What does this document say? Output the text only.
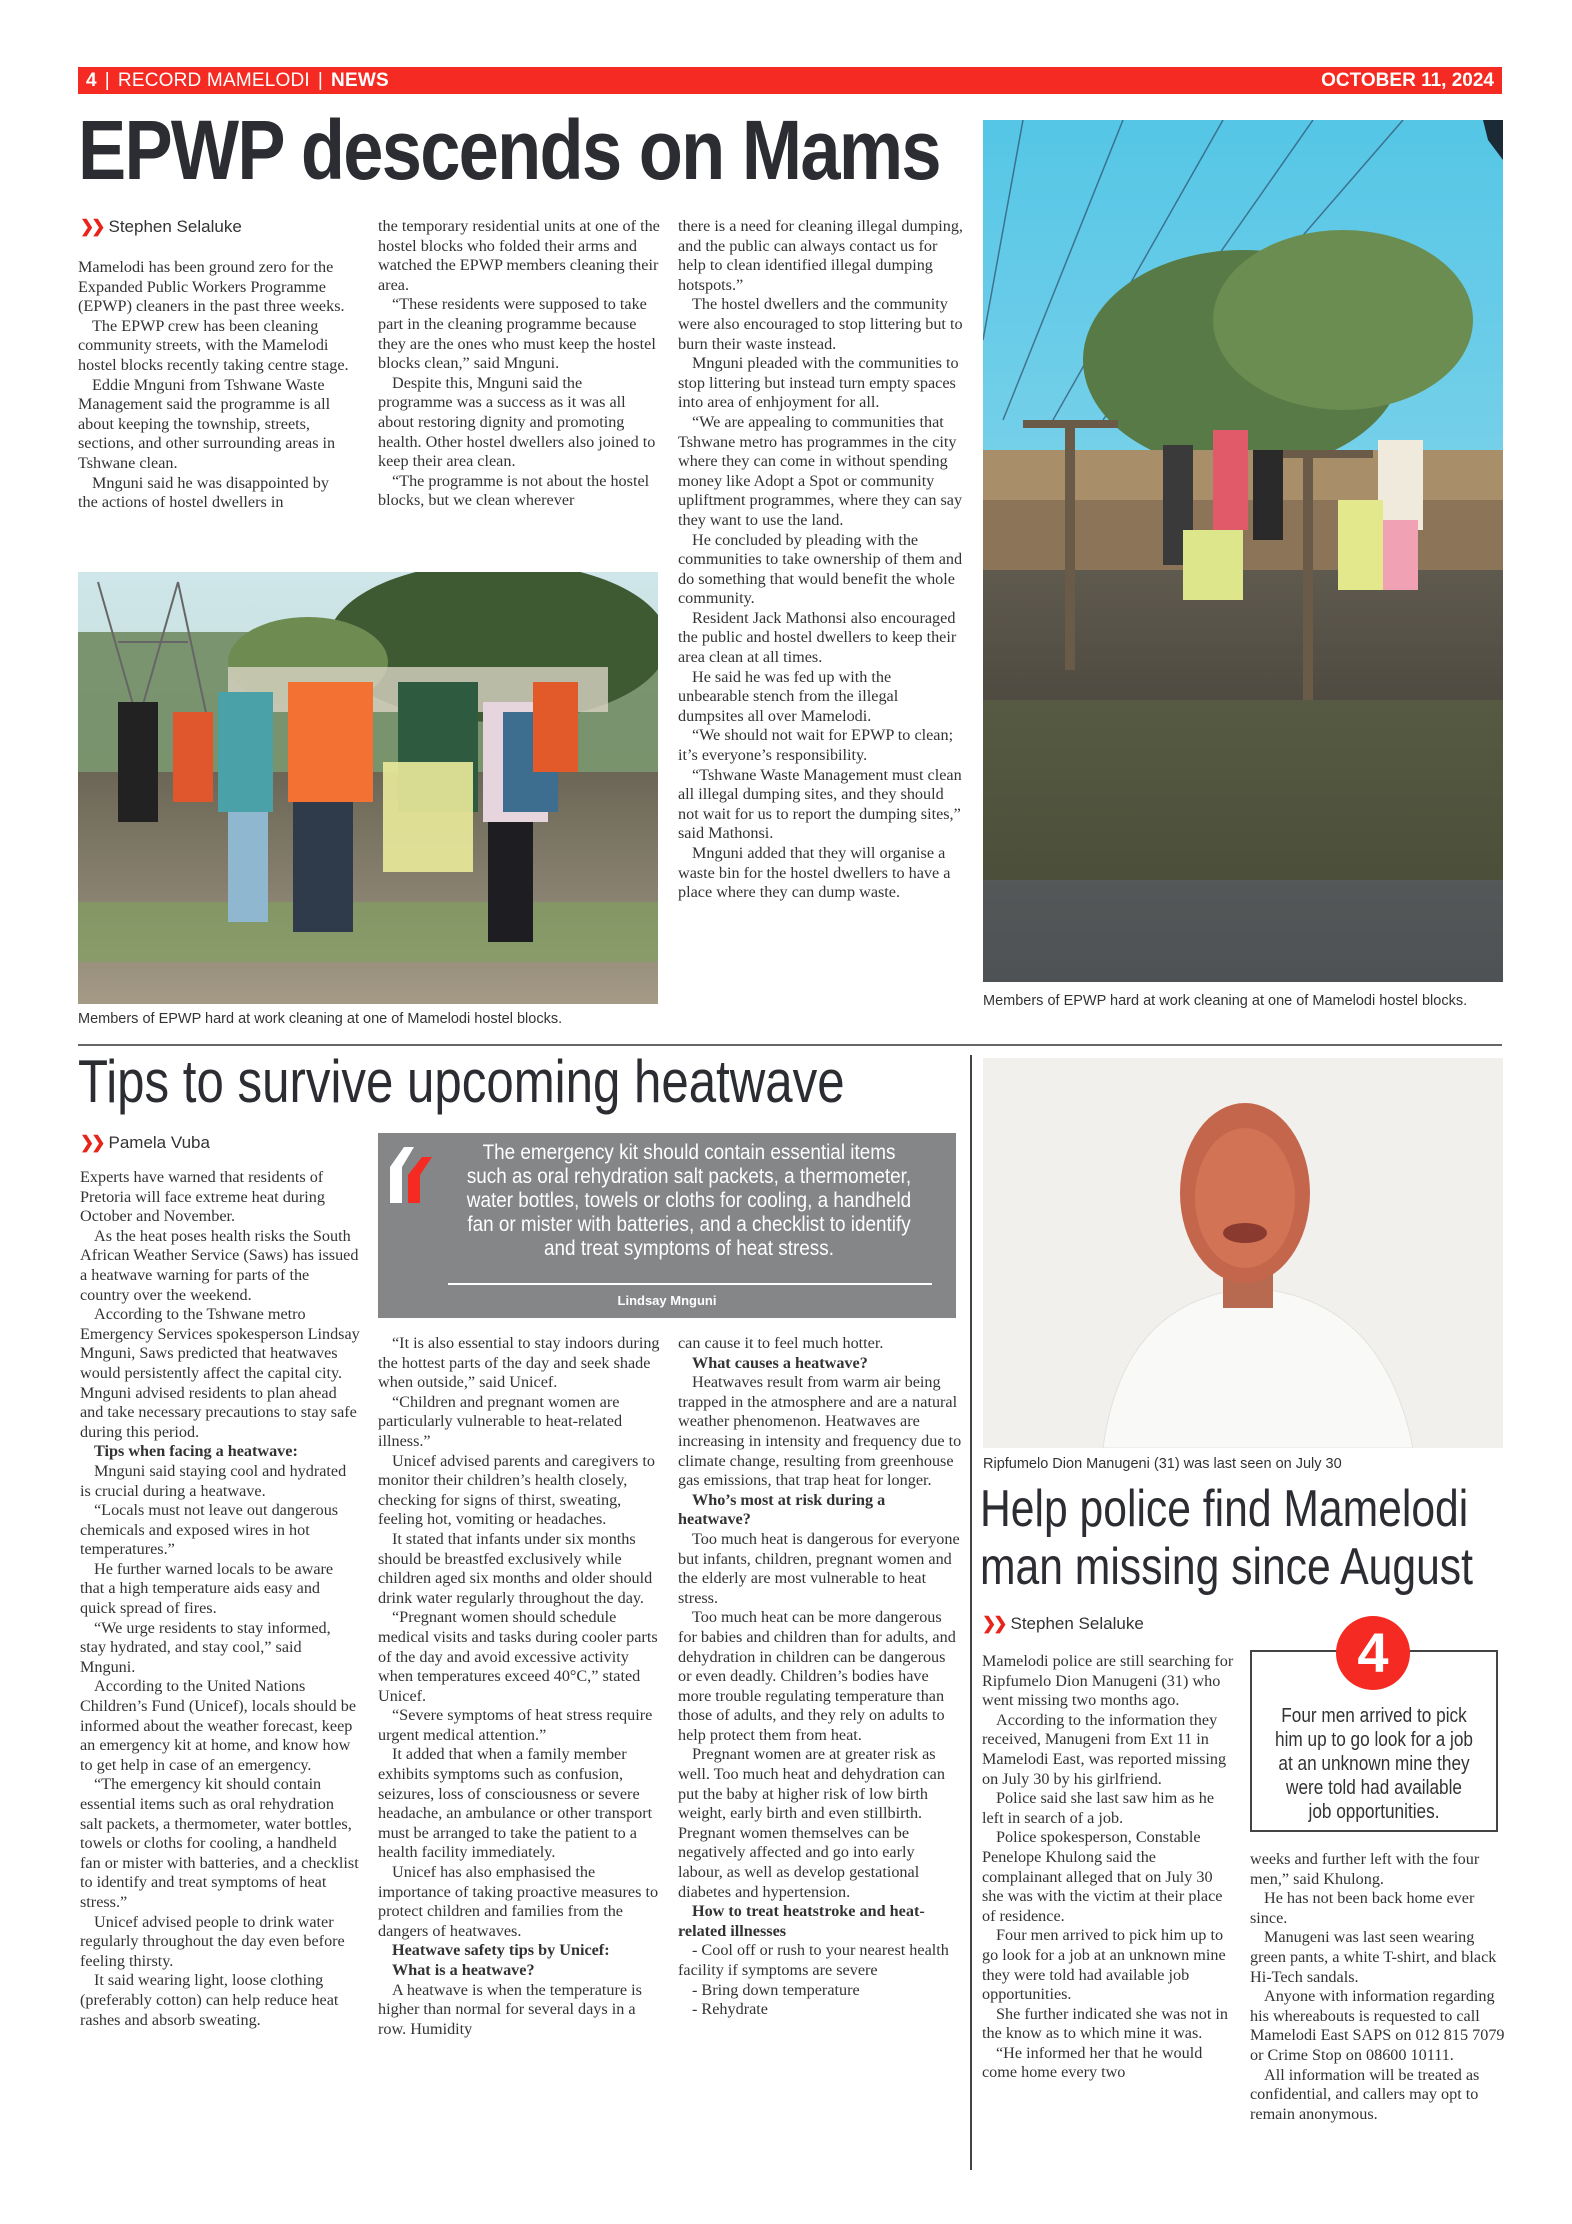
4 | RECORD MAMELODI | NEWS	OCTOBER 11, 2024
EPWP descends on Mams
❯❯ Stephen Selaluke

Mamelodi has been ground zero for the Expanded Public Workers Programme (EPWP) cleaners in the past three weeks.

The EPWP crew has been cleaning community streets, with the Mamelodi hostel blocks recently taking centre stage.

Eddie Mnguni from Tshwane Waste Management said the programme is all about keeping the township, streets, sections, and other surrounding areas in Tshwane clean.

Mnguni said he was disappointed by the actions of hostel dwellers in

the temporary residential units at one of the hostel blocks who folded their arms and watched the EPWP members cleaning their area.

“These residents were supposed to take part in the cleaning programme because they are the ones who must keep the hostel blocks clean,” said Mnguni.

Despite this, Mnguni said the programme was a success as it was all about restoring dignity and promoting health. Other hostel dwellers also joined to keep their area clean.

“The programme is not about the hostel blocks, but we clean wherever

there is a need for cleaning illegal dumping, and the public can always contact us for help to clean identified illegal dumping hotspots.”

The hostel dwellers and the community were also encouraged to stop littering but to burn their waste instead.

Mnguni pleaded with the communities to stop littering but instead turn empty spaces into area of enhjoyment for all.

“We are appealing to communities that Tshwane metro has programmes in the city where they can come in without spending money like Adopt a Spot or community upliftment programmes, where they can say they want to use the land.

He concluded by pleading with the communities to take ownership of them and do something that would benefit the whole community.

Resident Jack Mathonsi also encouraged the public and hostel dwellers to keep their area clean at all times.

He said he was fed up with the unbearable stench from the illegal dumpsites all over Mamelodi.

“We should not wait for EPWP to clean; it’s everyone’s responsibility.

“Tshwane Waste Management must clean all illegal dumping sites, and they should not wait for us to report the dumping sites,” said Mathonsi.

Mnguni added that they will organise a waste bin for the hostel dwellers to have a place where they can dump waste.

Members of EPWP hard at work cleaning at one of Mamelodi hostel blocks.
Members of EPWP hard at work cleaning at one of Mamelodi hostel blocks.
Tips to survive upcoming heatwave
❯❯ Pamela Vuba	The emergency kit should contain essential items such as oral rehydration salt packets, a thermometer, water bottles, towels or cloths for cooling, a handheld fan or mister with batteries, and a checklist to identify and treat symptoms of heat stress.
Lindsay Mnguni

Experts have warned that residents of Pretoria will face extreme heat during October and November.

As the heat poses health risks the South African Weather Service (Saws) has issued a heatwave warning for parts of the country over the weekend.

According to the Tshwane metro Emergency Services spokesperson Lindsay Mnguni, Saws predicted that heatwaves would persistently affect the capital city. Mnguni advised residents to plan ahead and take necessary precautions to stay safe during this period.

Tips when facing a heatwave:

Mnguni said staying cool and hydrated is crucial during a heatwave.

“Locals must not leave out dangerous chemicals and exposed wires in hot temperatures.”

He further warned locals to be aware that a high temperature aids easy and quick spread of fires.

“We urge residents to stay informed, stay hydrated, and stay cool,” said Mnguni.

According to the United Nations Children’s Fund (Unicef), locals should be informed about the weather forecast, keep an emergency kit at home, and know how to get help in case of an emergency.

“The emergency kit should contain essential items such as oral rehydration salt packets, a thermometer, water bottles, towels or cloths for cooling, a handheld fan or mister with batteries, and a checklist to identify and treat symptoms of heat stress.”

Unicef advised people to drink water regularly throughout the day even before feeling thirsty.

It said wearing light, loose clothing (preferably cotton) can help reduce heat rashes and absorb sweating.

“It is also essential to stay indoors during the hottest parts of the day and seek shade when outside,” said Unicef.

“Children and pregnant women are particularly vulnerable to heat-related illness.”

Unicef advised parents and caregivers to monitor their children’s health closely, checking for signs of thirst, sweating, feeling hot, vomiting or headaches.

It stated that infants under six months should be breastfed exclusively while children aged six months and older should drink water regularly throughout the day.

“Pregnant women should schedule medical visits and tasks during cooler parts of the day and avoid excessive activity when temperatures exceed 40°C,” stated Unicef.

“Severe symptoms of heat stress require urgent medical attention.”

It added that when a family member exhibits symptoms such as confusion, seizures, loss of consciousness or severe headache, an ambulance or other transport must be arranged to take the patient to a health facility immediately.

Unicef has also emphasised the importance of taking proactive measures to protect children and families from the dangers of heatwaves.

Heatwave safety tips by Unicef:

What is a heatwave?

A heatwave is when the temperature is higher than normal for several days in a row. Humidity

can cause it to feel much hotter.

What causes a heatwave?

Heatwaves result from warm air being trapped in the atmosphere and are a natural weather phenomenon. Heatwaves are increasing in intensity and frequency due to climate change, resulting from greenhouse gas emissions, that trap heat for longer.

Who’s most at risk during a heatwave?

Too much heat is dangerous for everyone but infants, children, pregnant women and the elderly are most vulnerable to heat stress.

Too much heat can be more dangerous for babies and children than for adults, and dehydration in children can be dangerous or even deadly. Children’s bodies have more trouble regulating temperature than those of adults, and they rely on adults to help protect them from heat.

Pregnant women are at greater risk as well. Too much heat and dehydration can put the baby at higher risk of low birth weight, early birth and even stillbirth. Pregnant women themselves can be negatively affected and go into early labour, as well as develop gestational diabetes and hypertension.

How to treat heatstroke and heat-related illnesses

- Cool off or rush to your nearest health facility if symptoms are severe

- Bring down temperature

- Rehydrate

Ripfumelo Dion Manugeni (31) was last seen on July 30
Help police find Mamelodi
man missing since August
❯❯ Stephen Selaluke	4
Four men arrived to pick him up to go look for a job at an unknown mine they were told had available job opportunities.

Mamelodi police are still searching for Ripfumelo Dion Manugeni (31) who went missing two months ago.

According to the information they received, Manugeni from Ext 11 in Mamelodi East, was reported missing on July 30 by his girlfriend.

Police said she last saw him as he left in search of a job.

Police spokesperson, Constable Penelope Khulong said the complainant alleged that on July 30 she was with the victim at their place of residence.

Four men arrived to pick him up to go look for a job at an unknown mine they were told had available job opportunities.

She further indicated she was not in the know as to which mine it was.

“He informed her that he would come home every two

weeks and further left with the four men,” said Khulong.

He has not been back home ever since.

Manugeni was last seen wearing green pants, a white T-shirt, and black Hi-Tech sandals.

Anyone with information regarding his whereabouts is requested to call Mamelodi East SAPS on 012 815 7079 or Crime Stop on 08600 10111.

All information will be treated as confidential, and callers may opt to remain anonymous.
